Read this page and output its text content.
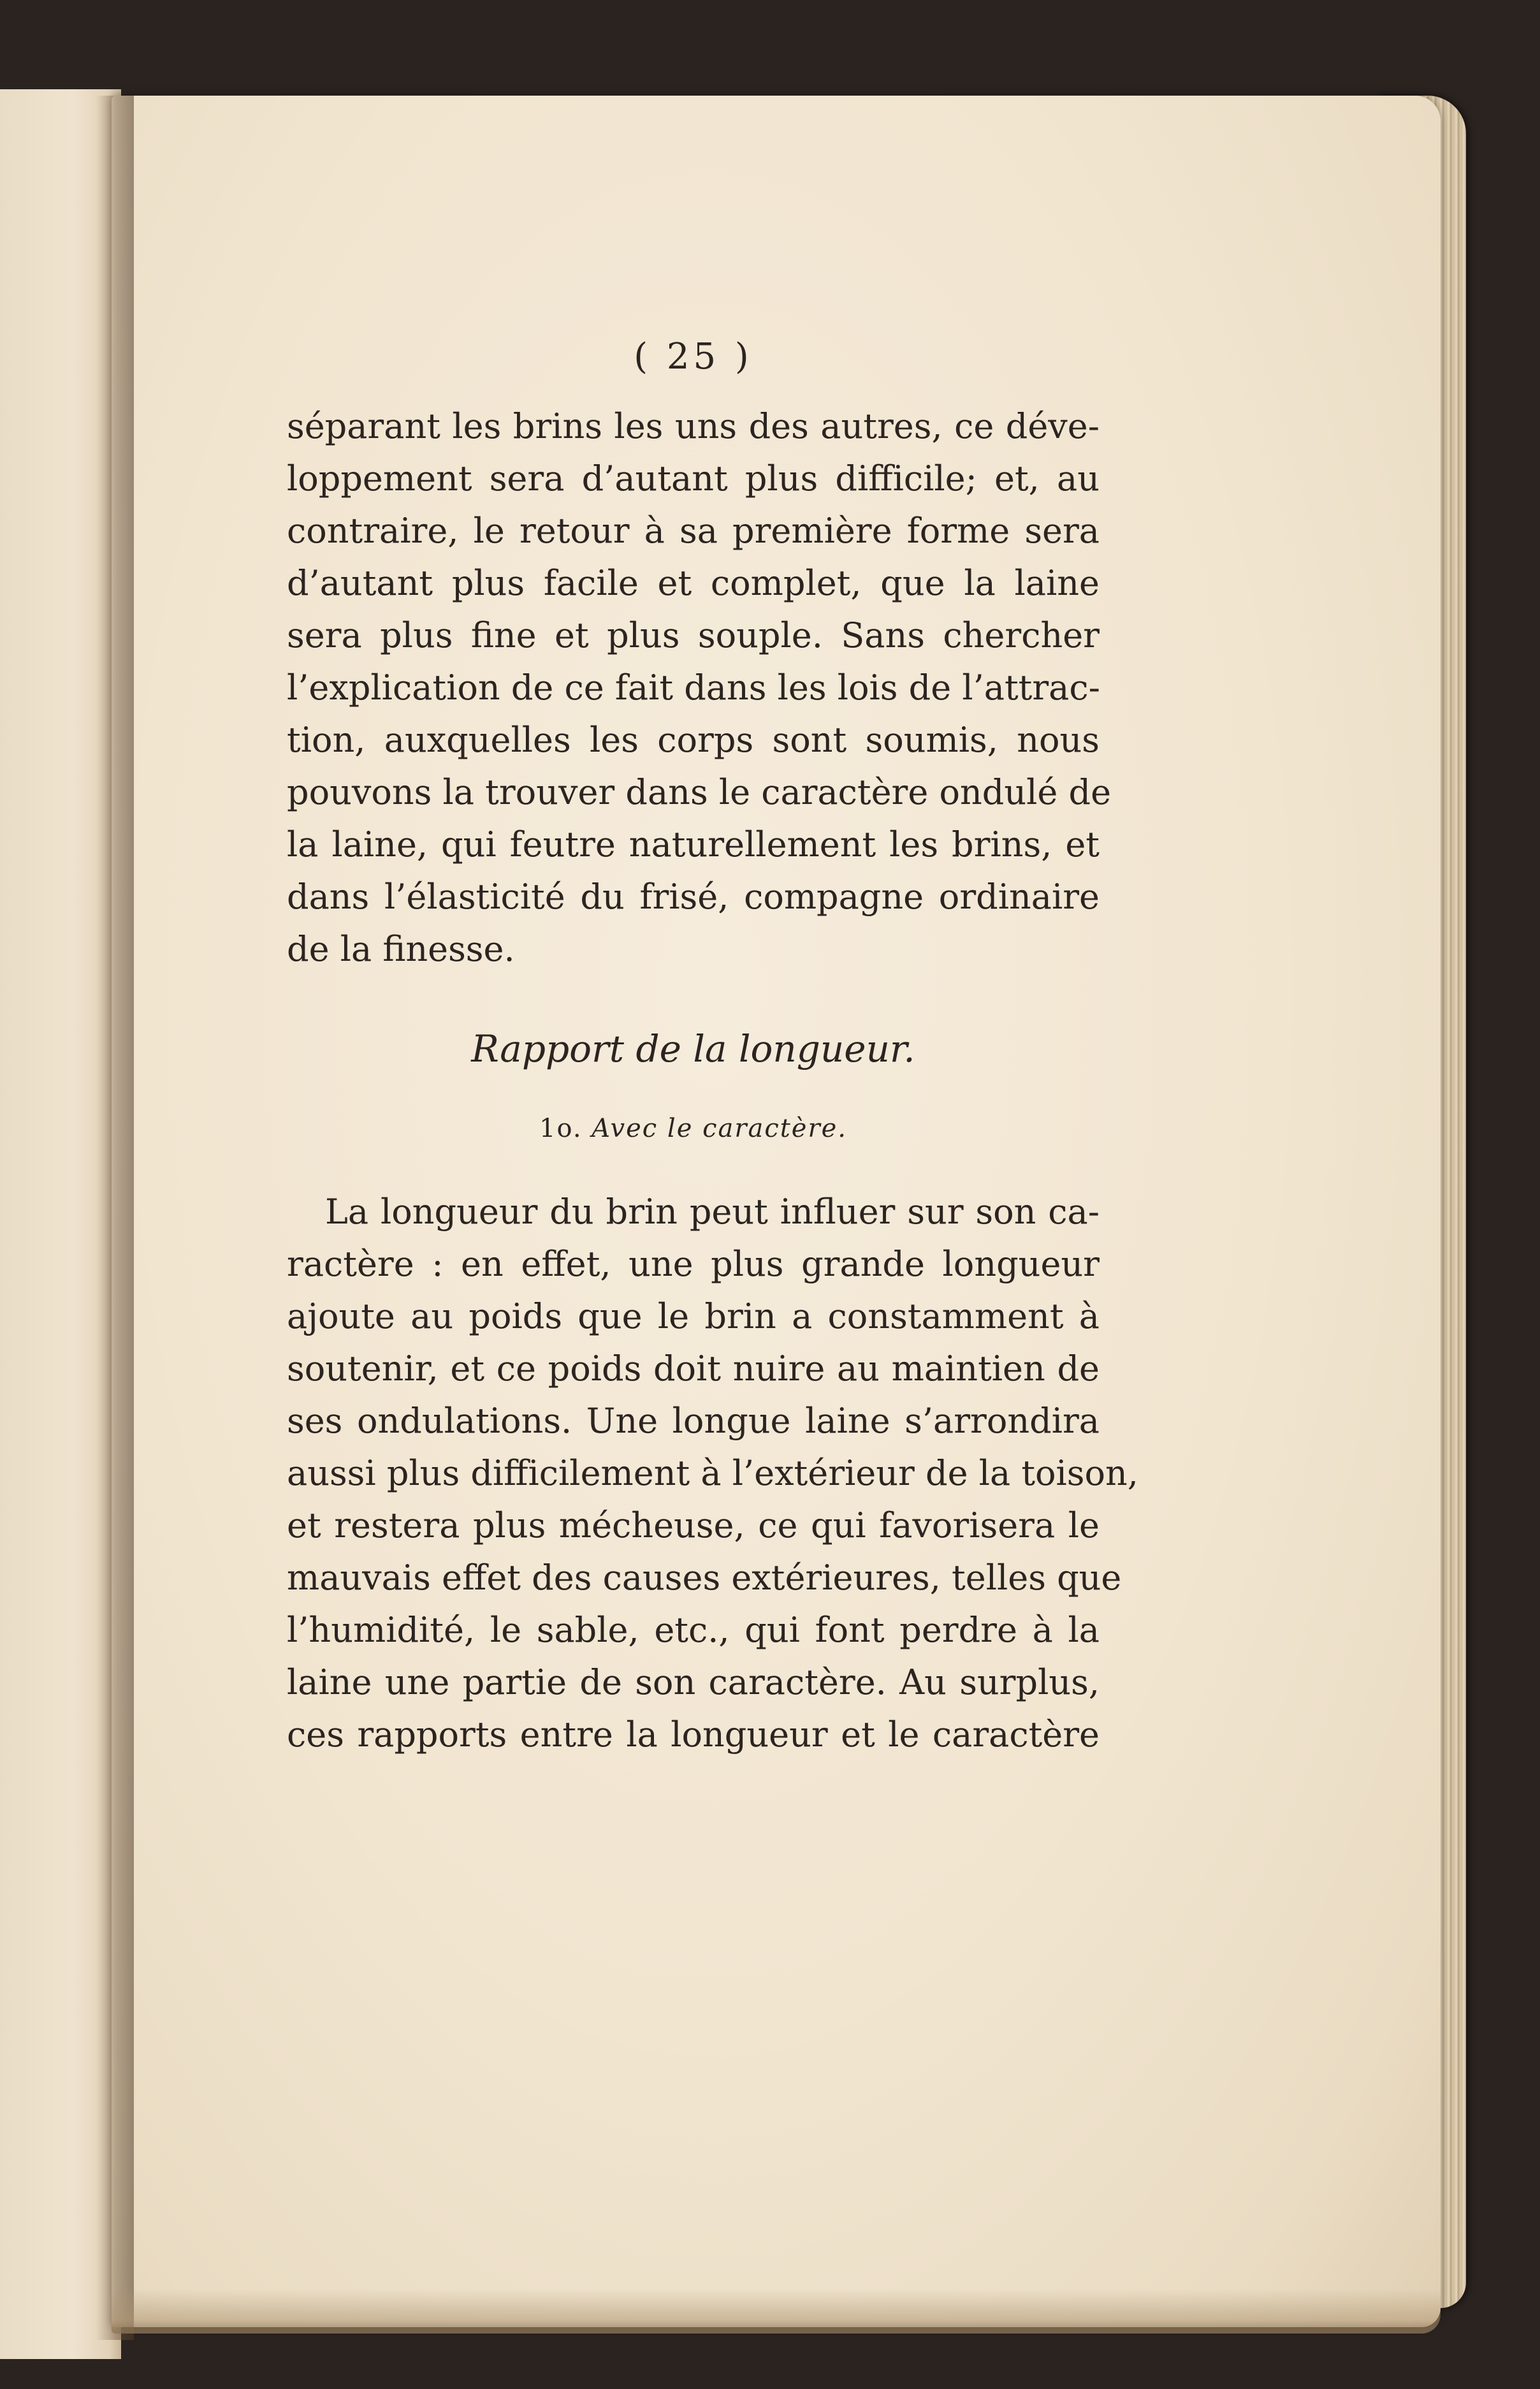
( 25 )
séparant les brins les uns des autres, ce déve-
loppement sera d’autant plus difficile; et, au
contraire, le retour à sa première forme sera
d’autant plus facile et complet, que la laine
sera plus fine et plus souple. Sans chercher
l’explication de ce fait dans les lois de l’attrac-
tion, auxquelles les corps sont soumis, nous
pouvons la trouver dans le caractère ondulé de
la laine, qui feutre naturellement les brins, et
dans l’élasticité du frisé, compagne ordinaire
de la finesse.
Rapport de la longueur.
1o. Avec le caractère.
La longueur du brin peut influer sur son ca-
ractère : en effet, une plus grande longueur
ajoute au poids que le brin a constamment à
soutenir, et ce poids doit nuire au maintien de
ses ondulations. Une longue laine s’arrondira
aussi plus difficilement à l’extérieur de la toison,
et restera plus mécheuse, ce qui favorisera le
mauvais effet des causes extérieures, telles que
l’humidité, le sable, etc., qui font perdre à la
laine une partie de son caractère. Au surplus,
ces rapports entre la longueur et le caractère
